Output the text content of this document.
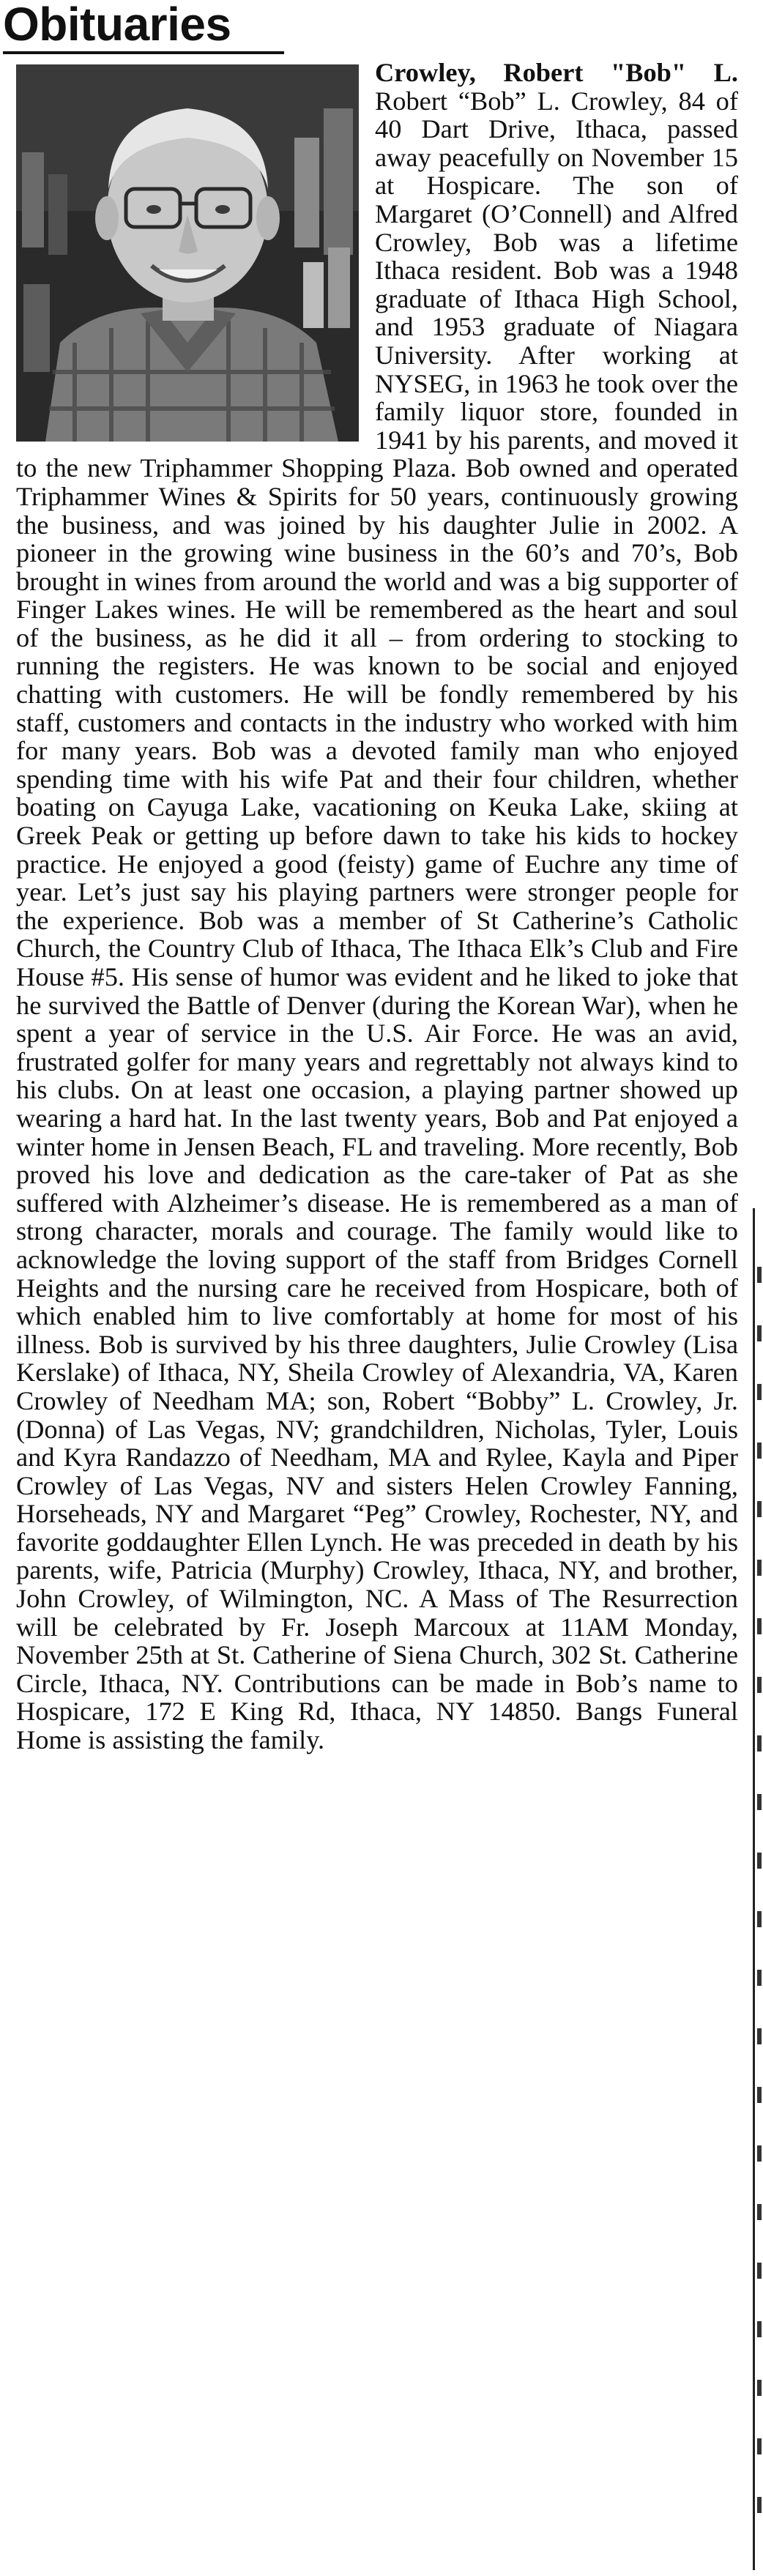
Obituaries
Crowley, Robert "Bob" L. Robert “Bob” L. Crowley, 84 of 40 Dart Drive, Ithaca, passed away peacefully on November 15 at Hospicare. The son of Margaret (O’Connell) and Alfred Crowley, Bob was a lifetime Ithaca resident. Bob was a 1948 graduate of Ithaca High School, and 1953 graduate of Niagara University. After working at NYSEG, in 1963 he took over the family liquor store, founded in 1941 by his parents, and moved it to the new Triphammer Shopping Plaza. Bob owned and operated Triphammer Wines & Spirits for 50 years, continuously growing the business, and was joined by his daughter Julie in 2002. A pioneer in the growing wine business in the 60’s and 70’s, Bob brought in wines from around the world and was a big supporter of Finger Lakes wines. He will be remembered as the heart and soul of the business, as he did it all – from ordering to stocking to running the registers. He was known to be social and enjoyed chatting with customers. He will be fondly remembered by his staff, customers and contacts in the industry who worked with him for many years. Bob was a devoted family man who enjoyed spending time with his wife Pat and their four children, whether boating on Cayuga Lake, vacationing on Keuka Lake, skiing at Greek Peak or getting up before dawn to take his kids to hockey practice. He enjoyed a good (feisty) game of Euchre any time of year. Let’s just say his playing partners were stronger people for the experience. Bob was a member of St Catherine’s Catholic Church, the Country Club of Ithaca, The Ithaca Elk’s Club and Fire House #5. His sense of humor was evident and he liked to joke that he survived the Battle of Denver (during the Korean War), when he spent a year of service in the U.S. Air Force. He was an avid, frustrated golfer for many years and regrettably not always kind to his clubs. On at least one occasion, a playing partner showed up wearing a hard hat. In the last twenty years, Bob and Pat enjoyed a winter home in Jensen Beach, FL and traveling. More recently, Bob proved his love and dedication as the care-taker of Pat as she suffered with Alzheimer’s disease. He is remembered as a man of strong character, morals and courage. The family would like to acknowledge the loving support of the staff from Bridges Cornell Heights and the nursing care he received from Hospicare, both of which enabled him to live comfortably at home for most of his illness. Bob is survived by his three daughters, Julie Crowley (Lisa Kerslake) of Ithaca, NY, Sheila Crowley of Alexandria, VA, Karen Crowley of Needham MA; son, Robert “Bobby” L. Crowley, Jr. (Donna) of Las Vegas, NV; grandchildren, Nicholas, Tyler, Louis and Kyra Randazzo of Needham, MA and Rylee, Kayla and Piper Crowley of Las Vegas, NV and sisters Helen Crowley Fanning, Horseheads, NY and Margaret “Peg” Crowley, Rochester, NY, and favorite goddaughter Ellen Lynch. He was preceded in death by his parents, wife, Patricia (Murphy) Crowley, Ithaca, NY, and brother, John Crowley, of Wilmington, NC. A Mass of The Resurrection will be celebrated by Fr. Joseph Marcoux at 11AM Monday, November 25th at St. Catherine of Siena Church, 302 St. Catherine Circle, Ithaca, NY. Contributions can be made in Bob’s name to Hospicare, 172 E King Rd, Ithaca, NY 14850. Bangs Funeral Home is assisting the family.
